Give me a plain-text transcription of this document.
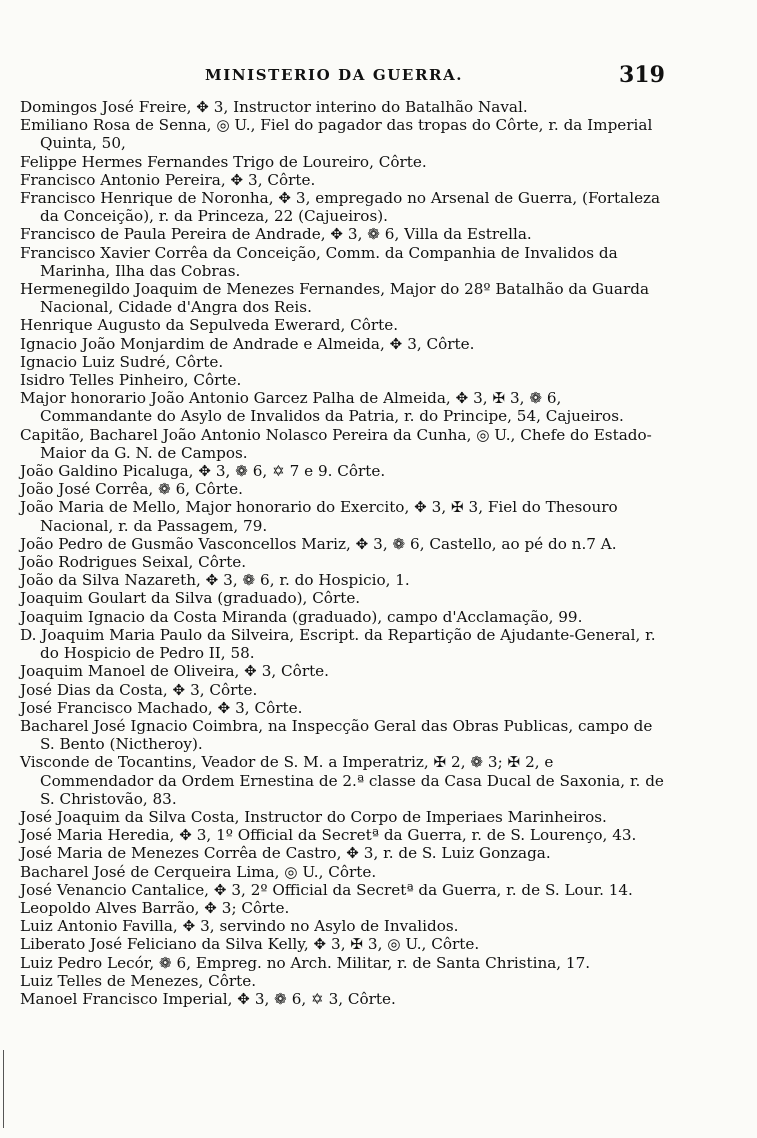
MINISTERIO DA GUERRA.	319

Domingos José Freire, ✥ 3, Instructor interino do Batalhão Naval.

Emiliano Rosa de Senna, ◎ U., Fiel do pagador das tropas do Côrte, r. da Imperial Quinta, 50,

Felippe Hermes Fernandes Trigo de Loureiro, Côrte.

Francisco Antonio Pereira, ✥ 3, Côrte.

Francisco Henrique de Noronha, ✥ 3, empregado no Arsenal de Guerra, (Fortaleza da Conceição), r. da Princeza, 22 (Cajueiros).

Francisco de Paula Pereira de Andrade, ✥ 3, ❁ 6, Villa da Estrella.

Francisco Xavier Corrêa da Conceição, Comm. da Companhia de Invalidos da Marinha, Ilha das Cobras.

Hermenegildo Joaquim de Menezes Fernandes, Major do 28º Batalhão da Guarda Nacional, Cidade d'Angra dos Reis.

Henrique Augusto da Sepulveda Ewerard, Côrte.

Ignacio João Monjardim de Andrade e Almeida, ✥ 3, Côrte.

Ignacio Luiz Sudré, Côrte.

Isidro Telles Pinheiro, Côrte.

Major honorario João Antonio Garcez Palha de Almeida, ✥ 3, ✠ 3, ❁ 6, Commandante do Asylo de Invalidos da Patria, r. do Principe, 54, Cajueiros.

Capitão, Bacharel João Antonio Nolasco Pereira da Cunha, ◎ U., Chefe do Estado-Maior da G. N. de Campos.

João Galdino Picaluga, ✥ 3, ❁ 6, ✡ 7 e 9. Côrte.

João José Corrêa, ❁ 6, Côrte.

João Maria de Mello, Major honorario do Exercito, ✥ 3, ✠ 3, Fiel do Thesouro Nacional, r. da Passagem, 79.

João Pedro de Gusmão Vasconcellos Mariz, ✥ 3, ❁ 6, Castello, ao pé do n.7 A.

João Rodrigues Seixal, Côrte.

João da Silva Nazareth, ✥ 3, ❁ 6, r. do Hospicio, 1.

Joaquim Goulart da Silva (graduado), Côrte.

Joaquim Ignacio da Costa Miranda (graduado), campo d'Acclamação, 99.

D. Joaquim Maria Paulo da Silveira, Escript. da Repartição de Ajudante-General, r. do Hospicio de Pedro II, 58.

Joaquim Manoel de Oliveira, ✥ 3, Côrte.

José Dias da Costa, ✥ 3, Côrte.

José Francisco Machado, ✥ 3, Côrte.

Bacharel José Ignacio Coimbra, na Inspecção Geral das Obras Publicas, campo de S. Bento (Nictheroy).

Visconde de Tocantins, Veador de S. M. a Imperatriz, ✠ 2, ❁ 3; ✠ 2, e Commendador da Ordem Ernestina de 2.ª classe da Casa Ducal de Saxonia, r. de S. Christovão, 83.

José Joaquim da Silva Costa, Instructor do Corpo de Imperiaes Marinheiros.

José Maria Heredia, ✥ 3, 1º Official da Secretª da Guerra, r. de S. Lourenço, 43.

José Maria de Menezes Corrêa de Castro, ✥ 3, r. de S. Luiz Gonzaga.

Bacharel José de Cerqueira Lima, ◎ U., Côrte.

José Venancio Cantalice, ✥ 3, 2º Official da Secretª da Guerra, r. de S. Lour. 14.

Leopoldo Alves Barrão, ✥ 3; Côrte.

Luiz Antonio Favilla, ✥ 3, servindo no Asylo de Invalidos.

Liberato José Feliciano da Silva Kelly, ✥ 3, ✠ 3, ◎ U., Côrte.

Luiz Pedro Lecór, ❁ 6, Empreg. no Arch. Militar, r. de Santa Christina, 17.

Luiz Telles de Menezes, Côrte.

Manoel Francisco Imperial, ✥ 3, ❁ 6, ✡ 3, Côrte.
